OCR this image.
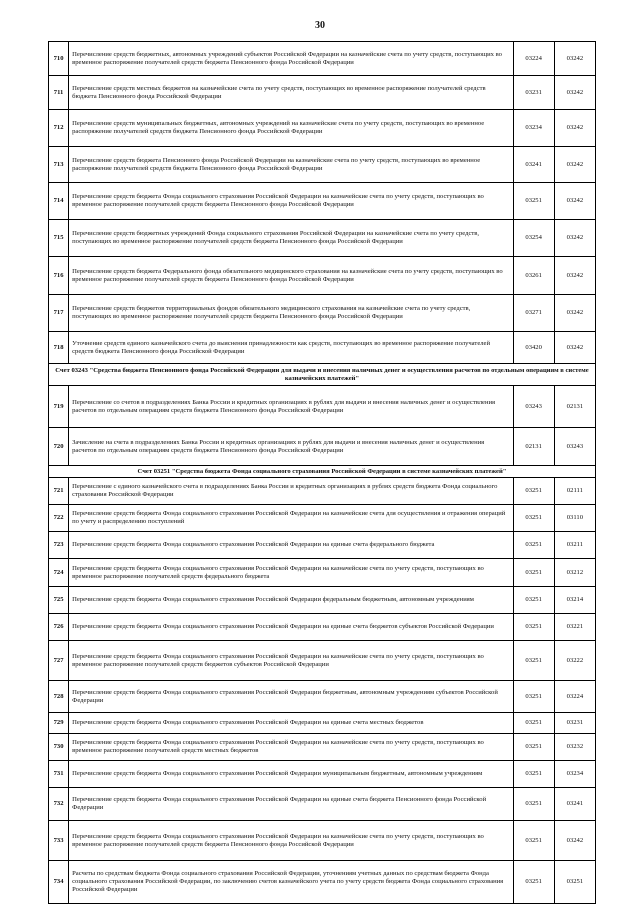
30
710	Перечисление средств бюджетных, автономных учреждений субъектов Российской Федерации на казначейские счета по учету средств, поступающих во временное распоряжение получателей средств бюджета Пенсионного фонда Российской Федерации	03224	03242
711	Перечисление средств местных бюджетов на казначейские счета по учету средств, поступающих во временное распоряжение получателей средств бюджета Пенсионного фонда Российской Федерации	03231	03242
712	Перечисление средств муниципальных бюджетных, автономных учреждений на казначейские счета по учету средств, поступающих во временное распоряжение получателей средств бюджета Пенсионного фонда Российской Федерации	03234	03242
713	Перечисление средств бюджета Пенсионного фонда Российской Федерации на казначейские счета по учету средств, поступающих во временное распоряжение получателей средств бюджета Пенсионного фонда Российской Федерации	03241	03242
714	Перечисление средств бюджета Фонда социального страхования Российской Федерации на казначейские счета по учету средств, поступающих во временное распоряжение получателей средств бюджета Пенсионного фонда Российской Федерации	03251	03242
715	Перечисление средств бюджетных учреждений Фонда социального страхования Российской Федерации на казначейские счета по учету средств, поступающих во временное распоряжение получателей средств бюджета Пенсионного фонда Российской Федерации	03254	03242
716	Перечисление средств бюджета Федерального фонда обязательного медицинского страхования на казначейские счета по учету средств, поступающих во временное распоряжение получателей средств бюджета Пенсионного фонда Российской Федерации	03261	03242
717	Перечисление средств бюджетов территориальных фондов обязательного медицинского страхования на казначейские счета по учету средств, поступающих во временное распоряжение получателей средств бюджета Пенсионного фонда Российской Федерации	03271	03242
718	Уточнение средств единого казначейского счета до выяснения принадлежности как средств, поступающих во временное распоряжение получателей средств бюджета Пенсионного фонда Российской Федерации	03420	03242
Счет 03243 "Средства бюджета Пенсионного фонда Российской Федерации для выдачи и внесения наличных денег и осуществления расчетов по отдельным операциям в системе казначейских платежей"			
719	Перечисление со счетов в подразделениях Банка России и кредитных организациях в рублях для выдачи и внесения наличных денег и осуществления расчетов по отдельным операциям средств бюджета Пенсионного фонда Российской Федерации	03243	02131
720	Зачисление на счета в подразделениях Банка России и кредитных организациях в рублях для выдачи и внесения наличных денег и осуществления расчетов по отдельным операциям средств бюджета Пенсионного фонда Российской Федерации	02131	03243
Счет 03251 "Средства бюджета Фонда социального страхования Российской Федерации в системе казначейских платежей"			
721	Перечисление с единого казначейского счета в подразделениях Банка России и кредитных организациях в рублях средств бюджета Фонда социального страхования Российской Федерации	03251	02111
722	Перечисление средств бюджета Фонда социального страхования Российской Федерации на казначейские счета для осуществления и отражения операций по учету и распределению поступлений	03251	03110
723	Перечисление средств бюджета Фонда социального страхования Российской Федерации на единые счета федерального бюджета	03251	03211
724	Перечисление средств бюджета Фонда социального страхования Российской Федерации на казначейские счета по учету средств, поступающих во временное распоряжение получателей средств федерального бюджета	03251	03212
725	Перечисление средств бюджета Фонда социального страхования Российской Федерации федеральным бюджетным, автономным учреждениям	03251	03214
726	Перечисление средств бюджета Фонда социального страхования Российской Федерации на единые счета бюджетов субъектов Российской Федерации	03251	03221
727	Перечисление средств бюджета Фонда социального страхования Российской Федерации на казначейские счета по учету средств, поступающих во временное распоряжение получателей средств бюджетов субъектов Российской Федерации	03251	03222
728	Перечисление средств бюджета Фонда социального страхования Российской Федерации бюджетным, автономным учреждениям субъектов Российской Федерации	03251	03224
729	Перечисление средств бюджета Фонда социального страхования Российской Федерации на единые счета местных бюджетов	03251	03231
730	Перечисление средств бюджета Фонда социального страхования Российской Федерации на казначейские счета по учету средств, поступающих во временное распоряжение получателей средств местных бюджетов	03251	03232
731	Перечисление средств бюджета Фонда социального страхования Российской Федерации муниципальным бюджетным, автономным учреждениям	03251	03234
732	Перечисление средств бюджета Фонда социального страхования Российской Федерации на единые счета бюджета Пенсионного фонда Российской Федерации	03251	03241
733	Перечисление средств бюджета Фонда социального страхования Российской Федерации на казначейские счета по учету средств, поступающих во временное распоряжение получателей средств бюджета Пенсионного фонда Российской Федерации	03251	03242
734	Расчеты по средствам бюджета Фонда социального страхования Российской Федерации, уточнениям учетных данных по средствам бюджета Фонда социального страхования Российской Федерации, по заключению счетов казначейского учета по учету средств бюджета Фонда социального страхования Российской Федерации	03251	03251
